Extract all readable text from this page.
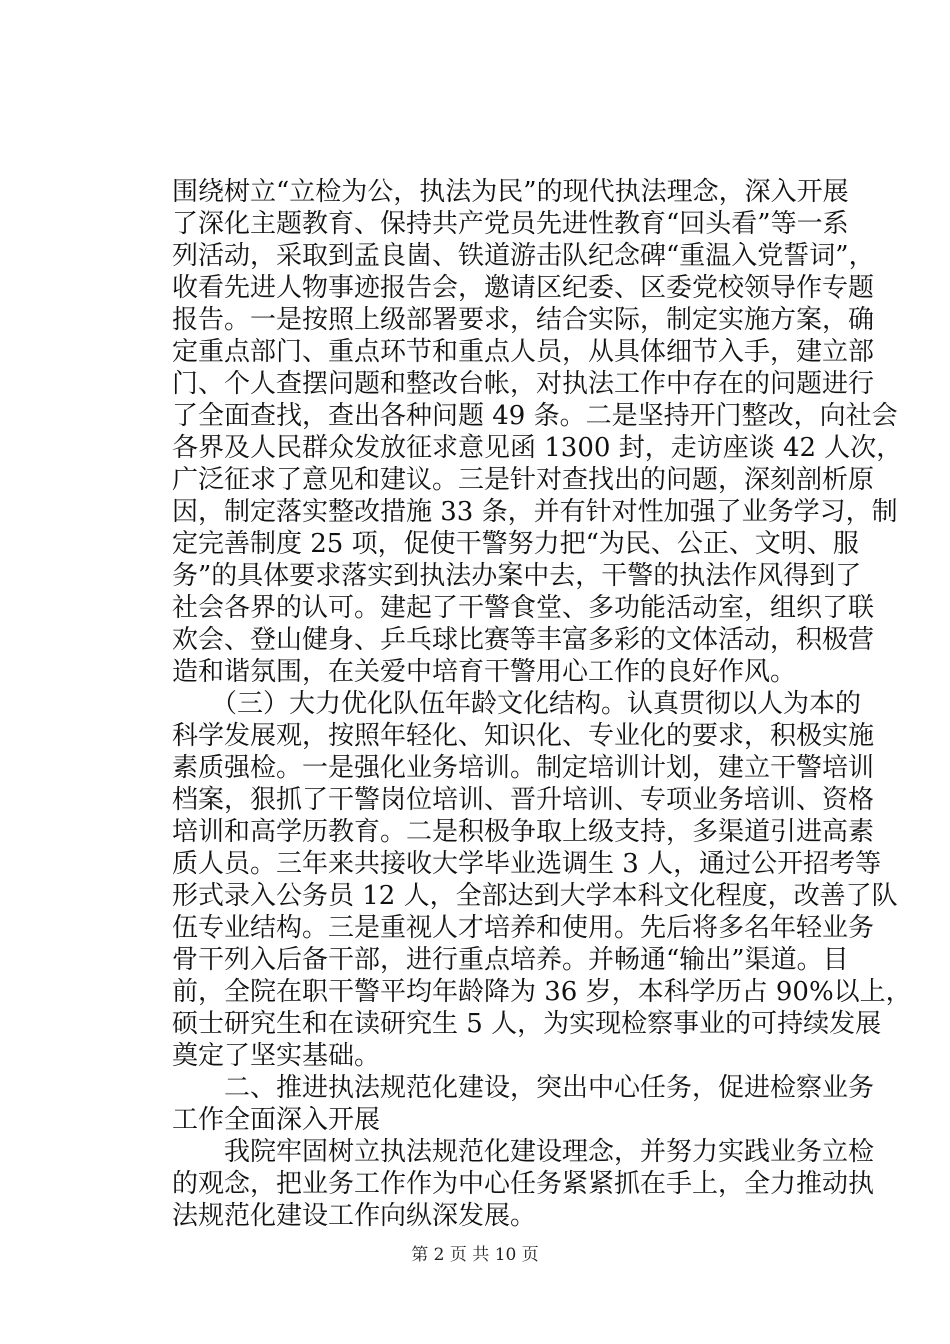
围绕树立“立检为公，执法为民”的现代执法理念，深入开展
了深化主题教育、保持共产党员先进性教育“回头看”等一系
列活动，采取到孟良崮、铁道游击队纪念碑“重温入党誓词”，
收看先进人物事迹报告会，邀请区纪委、区委党校领导作专题
报告。一是按照上级部署要求，结合实际，制定实施方案，确
定重点部门、重点环节和重点人员，从具体细节入手，建立部
门、个人查摆问题和整改台帐，对执法工作中存在的问题进行
了全面查找，查出各种问题 49 条。二是坚持开门整改，向社会
各界及人民群众发放征求意见函 1300 封，走访座谈 42 人次，
广泛征求了意见和建议。三是针对查找出的问题，深刻剖析原
因，制定落实整改措施 33 条，并有针对性加强了业务学习，制
定完善制度 25 项，促使干警努力把“为民、公正、文明、服
务”的具体要求落实到执法办案中去，干警的执法作风得到了
社会各界的认可。建起了干警食堂、多功能活动室，组织了联
欢会、登山健身、乒乓球比赛等丰富多彩的文体活动，积极营
造和谐氛围，在关爱中培育干警用心工作的良好作风。
　　（三）大力优化队伍年龄文化结构。认真贯彻以人为本的
科学发展观，按照年轻化、知识化、专业化的要求，积极实施
素质强检。一是强化业务培训。制定培训计划，建立干警培训
档案，狠抓了干警岗位培训、晋升培训、专项业务培训、资格
培训和高学历教育。二是积极争取上级支持，多渠道引进高素
质人员。三年来共接收大学毕业选调生 3 人，通过公开招考等
形式录入公务员 12 人，全部达到大学本科文化程度，改善了队
伍专业结构。三是重视人才培养和使用。先后将多名年轻业务
骨干列入后备干部，进行重点培养。并畅通“输出”渠道。目
前，全院在职干警平均年龄降为 36 岁，本科学历占 90%以上，
硕士研究生和在读研究生 5 人，为实现检察事业的可持续发展
奠定了坚实基础。
　　二、推进执法规范化建设，突出中心任务，促进检察业务
工作全面深入开展
　　我院牢固树立执法规范化建设理念，并努力实践业务立检
的观念，把业务工作作为中心任务紧紧抓在手上，全力推动执
法规范化建设工作向纵深发展。
第 2 页 共 10 页
